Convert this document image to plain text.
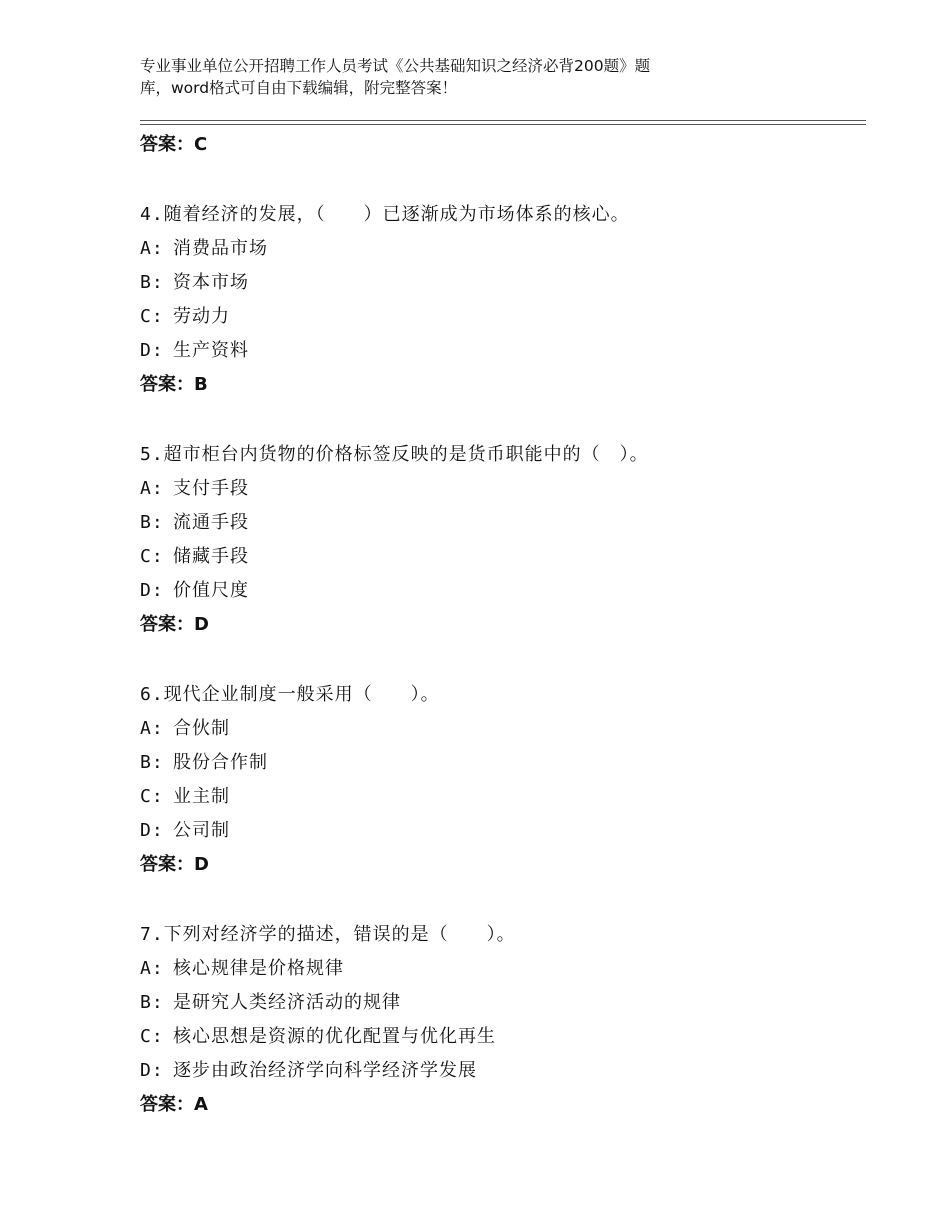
专业事业单位公开招聘工作人员考试《公共基础知识之经济必背200题》题
库，word格式可自由下载编辑，附完整答案！
答案：C
4.随着经济的发展，（　　）已逐渐成为市场体系的核心。
A: 消费品市场
B: 资本市场
C: 劳动力
D: 生产资料
答案：B
5.超市柜台内货物的价格标签反映的是货币职能中的（　）。
A: 支付手段
B: 流通手段
C: 储藏手段
D: 价值尺度
答案：D
6.现代企业制度一般采用（　　）。
A: 合伙制
B: 股份合作制
C: 业主制
D: 公司制
答案：D
7.下列对经济学的描述，错误的是（　　）。
A: 核心规律是价格规律
B: 是研究人类经济活动的规律
C: 核心思想是资源的优化配置与优化再生
D: 逐步由政治经济学向科学经济学发展
答案：A
